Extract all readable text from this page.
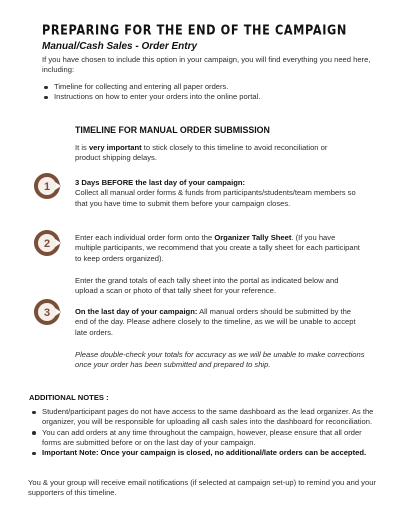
PREPARING FOR THE END OF THE CAMPAIGN
Manual/Cash Sales - Order Entry
If you have chosen to include this option in your campaign, you will find everything you need here, including:
Timeline for collecting and entering all paper orders.
Instructions on how to enter your orders into the online portal.
TIMELINE FOR MANUAL ORDER SUBMISSION
It is very important to stick closely to this timeline to avoid reconciliation or product shipping delays.
1	3 Days BEFORE the last day of your campaign:
Collect all manual order forms & funds from participants/students/team members so that you have time to submit them before your campaign closes.
2
Enter each individual order form onto the Organizer Tally Sheet. (If you have multiple participants, we recommend that you create a tally sheet for each participant to keep orders organized).
Enter the grand totals of each tally sheet into the portal as indicated below and upload a scan or photo of that tally sheet for your reference.
3	On the last day of your campaign: All manual orders should be submitted by the end of the day. Please adhere closely to the timeline, as we will be unable to accept late orders.
Please double-check your totals for accuracy as we will be unable to make corrections once your order has been submitted and prepared to ship.
ADDITIONAL NOTES :
Student/participant pages do not have access to the same dashboard as the lead organizer. As the organizer, you will be responsible for uploading all cash sales into the dashboard for reconciliation.
You can add orders at any time throughout the campaign, however, please ensure that all order forms are submitted before or on the last day of your campaign.
Important Note: Once your campaign is closed, no additional/late orders can be accepted.
You & your group will receive email notifications (if selected at campaign set-up) to remind you and your supporters of this timeline.
